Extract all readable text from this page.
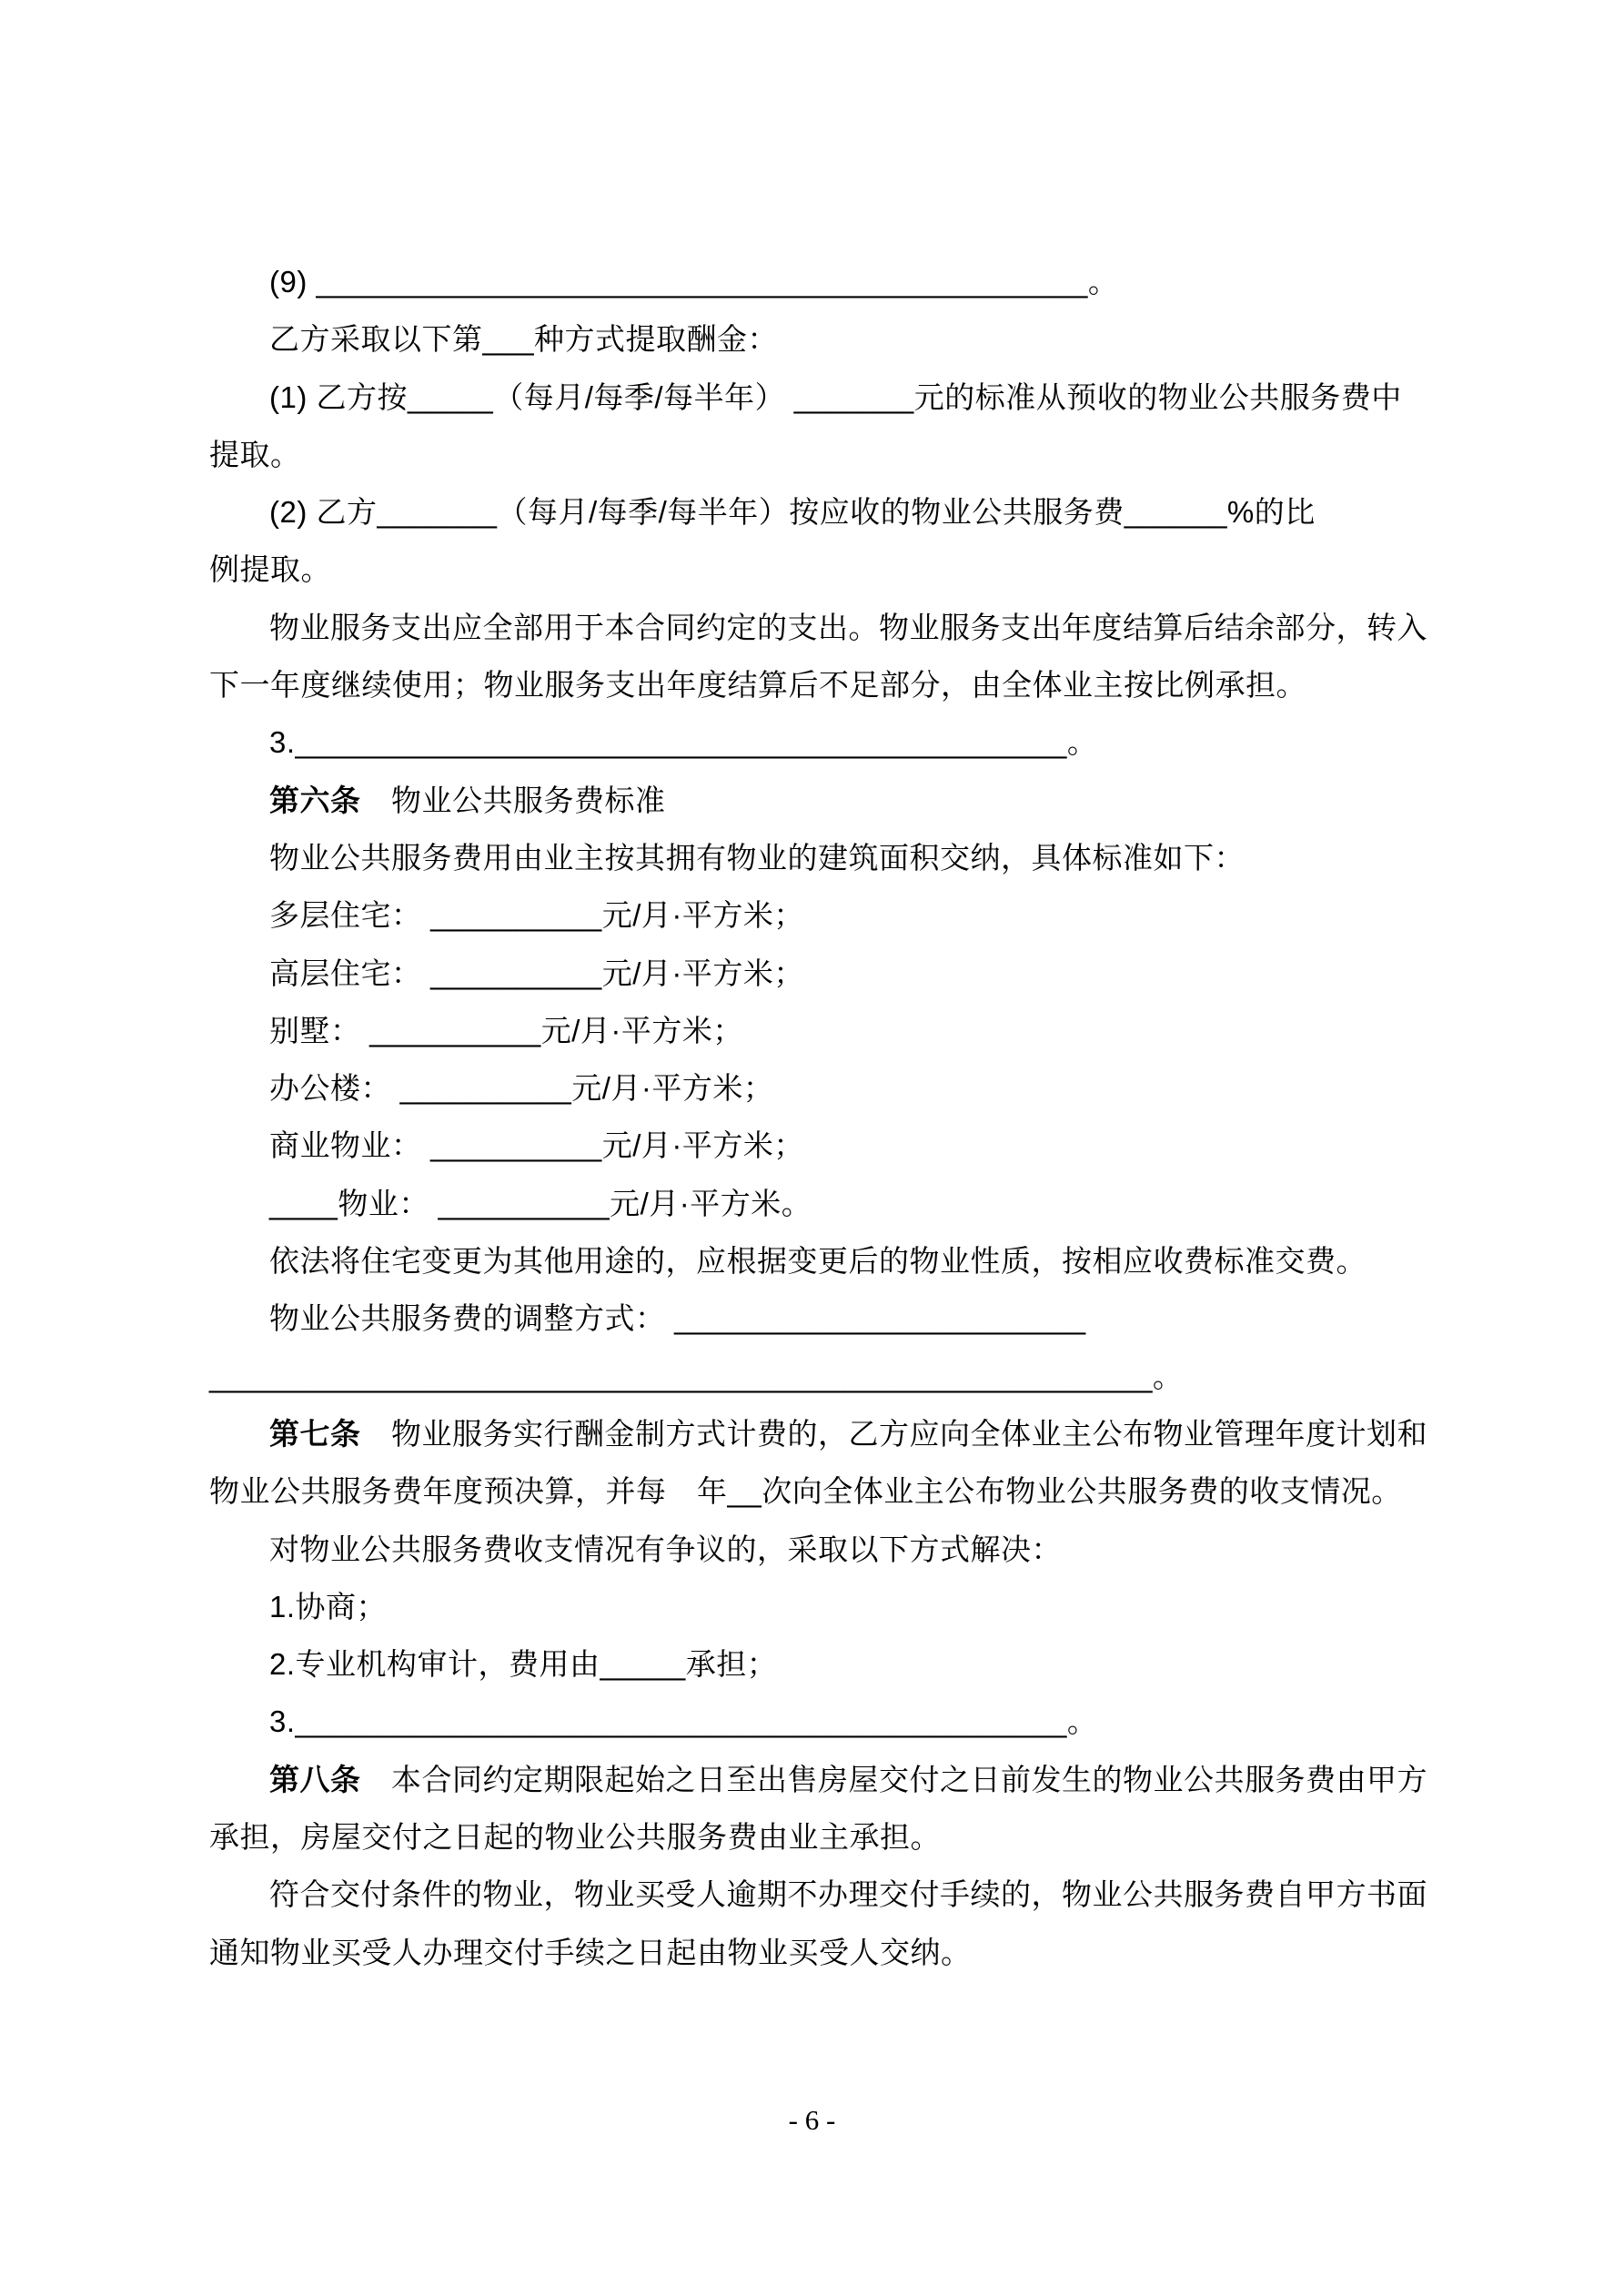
(9) _____________________________________________。
乙方采取以下第___种方式提取酬金：
(1) 乙方按_____（每月/每季/每半年） _______元的标准从预收的物业公共服务费中
提取。
(2) 乙方_______（每月/每季/每半年）按应收的物业公共服务费______%的比
例提取。
物业服务支出应全部用于本合同约定的支出。物业服务支出年度结算后结余部分，转入
下一年度继续使用；物业服务支出年度结算后不足部分，由全体业主按比例承担。
3._____________________________________________。
第六条　物业公共服务费标准
物业公共服务费用由业主按其拥有物业的建筑面积交纳，具体标准如下：
多层住宅： __________元/月·平方米；
高层住宅： __________元/月·平方米；
别墅： __________元/月·平方米；
办公楼： __________元/月·平方米；
商业物业： __________元/月·平方米；
____物业： __________元/月·平方米。
依法将住宅变更为其他用途的，应根据变更后的物业性质，按相应收费标准交费。
物业公共服务费的调整方式： ________________________
_______________________________________________________。
第七条　物业服务实行酬金制方式计费的，乙方应向全体业主公布物业管理年度计划和
物业公共服务费年度预决算，并每　年__次向全体业主公布物业公共服务费的收支情况。
对物业公共服务费收支情况有争议的，采取以下方式解决：
1.协商；
2.专业机构审计，费用由_____承担；
3._____________________________________________。
第八条　本合同约定期限起始之日至出售房屋交付之日前发生的物业公共服务费由甲方
承担，房屋交付之日起的物业公共服务费由业主承担。
符合交付条件的物业，物业买受人逾期不办理交付手续的，物业公共服务费自甲方书面
通知物业买受人办理交付手续之日起由物业买受人交纳。
- 6 -
